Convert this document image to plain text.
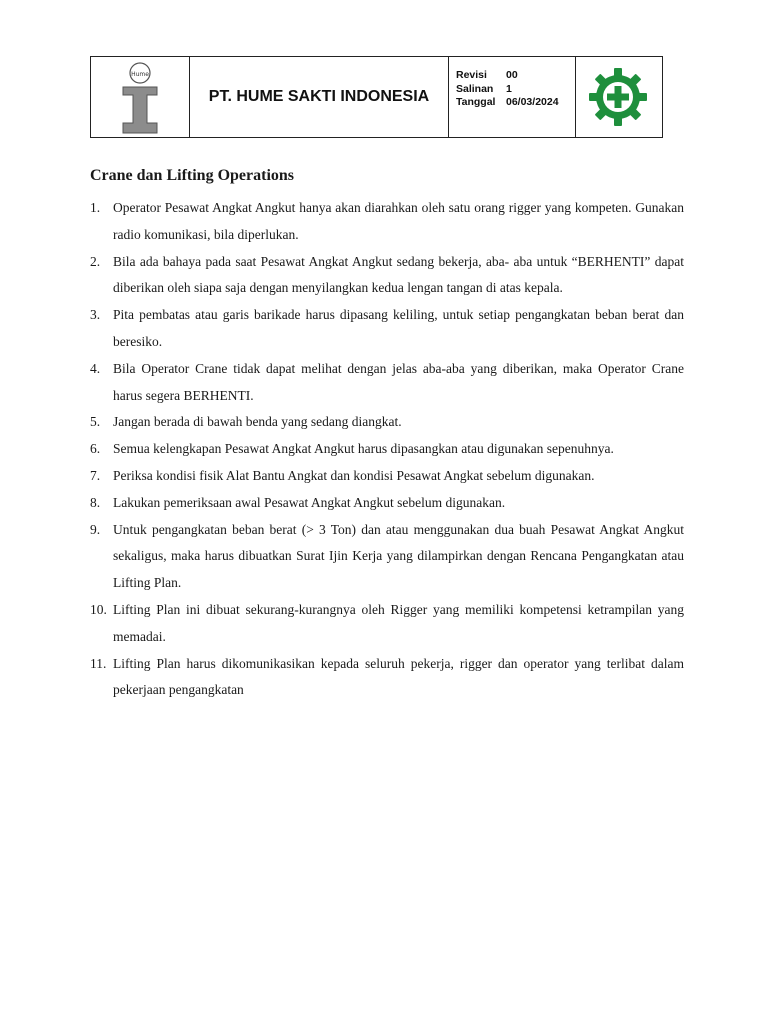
Hume
PT. HUME SAKTI INDONESIA
Revisi	00
Salinan	1
Tanggal	06/03/2024
Crane dan Lifting Operations
1. Operator Pesawat Angkat Angkut hanya akan diarahkan oleh satu orang rigger yang kompeten. Gunakan radio komunikasi, bila diperlukan.
2. Bila ada bahaya pada saat Pesawat Angkat Angkut sedang bekerja, aba- aba untuk “BERHENTI” dapat diberikan oleh siapa saja dengan menyilangkan kedua lengan tangan di atas kepala.
3. Pita pembatas atau garis barikade harus dipasang keliling, untuk setiap pengangkatan beban berat dan beresiko.
4. Bila Operator Crane tidak dapat melihat dengan jelas aba-aba yang diberikan, maka Operator Crane harus segera BERHENTI.
5. Jangan berada di bawah benda yang sedang diangkat.
6. Semua kelengkapan Pesawat Angkat Angkut harus dipasangkan atau digunakan sepenuhnya.
7. Periksa kondisi fisik Alat Bantu Angkat dan kondisi Pesawat Angkat sebelum digunakan.
8. Lakukan pemeriksaan awal Pesawat Angkat Angkut sebelum digunakan.
9. Untuk pengangkatan beban berat (> 3 Ton) dan atau menggunakan dua buah Pesawat Angkat Angkut sekaligus, maka harus dibuatkan Surat Ijin Kerja yang dilampirkan dengan Rencana Pengangkatan atau Lifting Plan.
10. Lifting Plan ini dibuat sekurang-kurangnya oleh Rigger yang memiliki kompetensi ketrampilan yang memadai.
11. Lifting Plan harus dikomunikasikan kepada seluruh pekerja, rigger dan operator yang terlibat dalam pekerjaan pengangkatan
